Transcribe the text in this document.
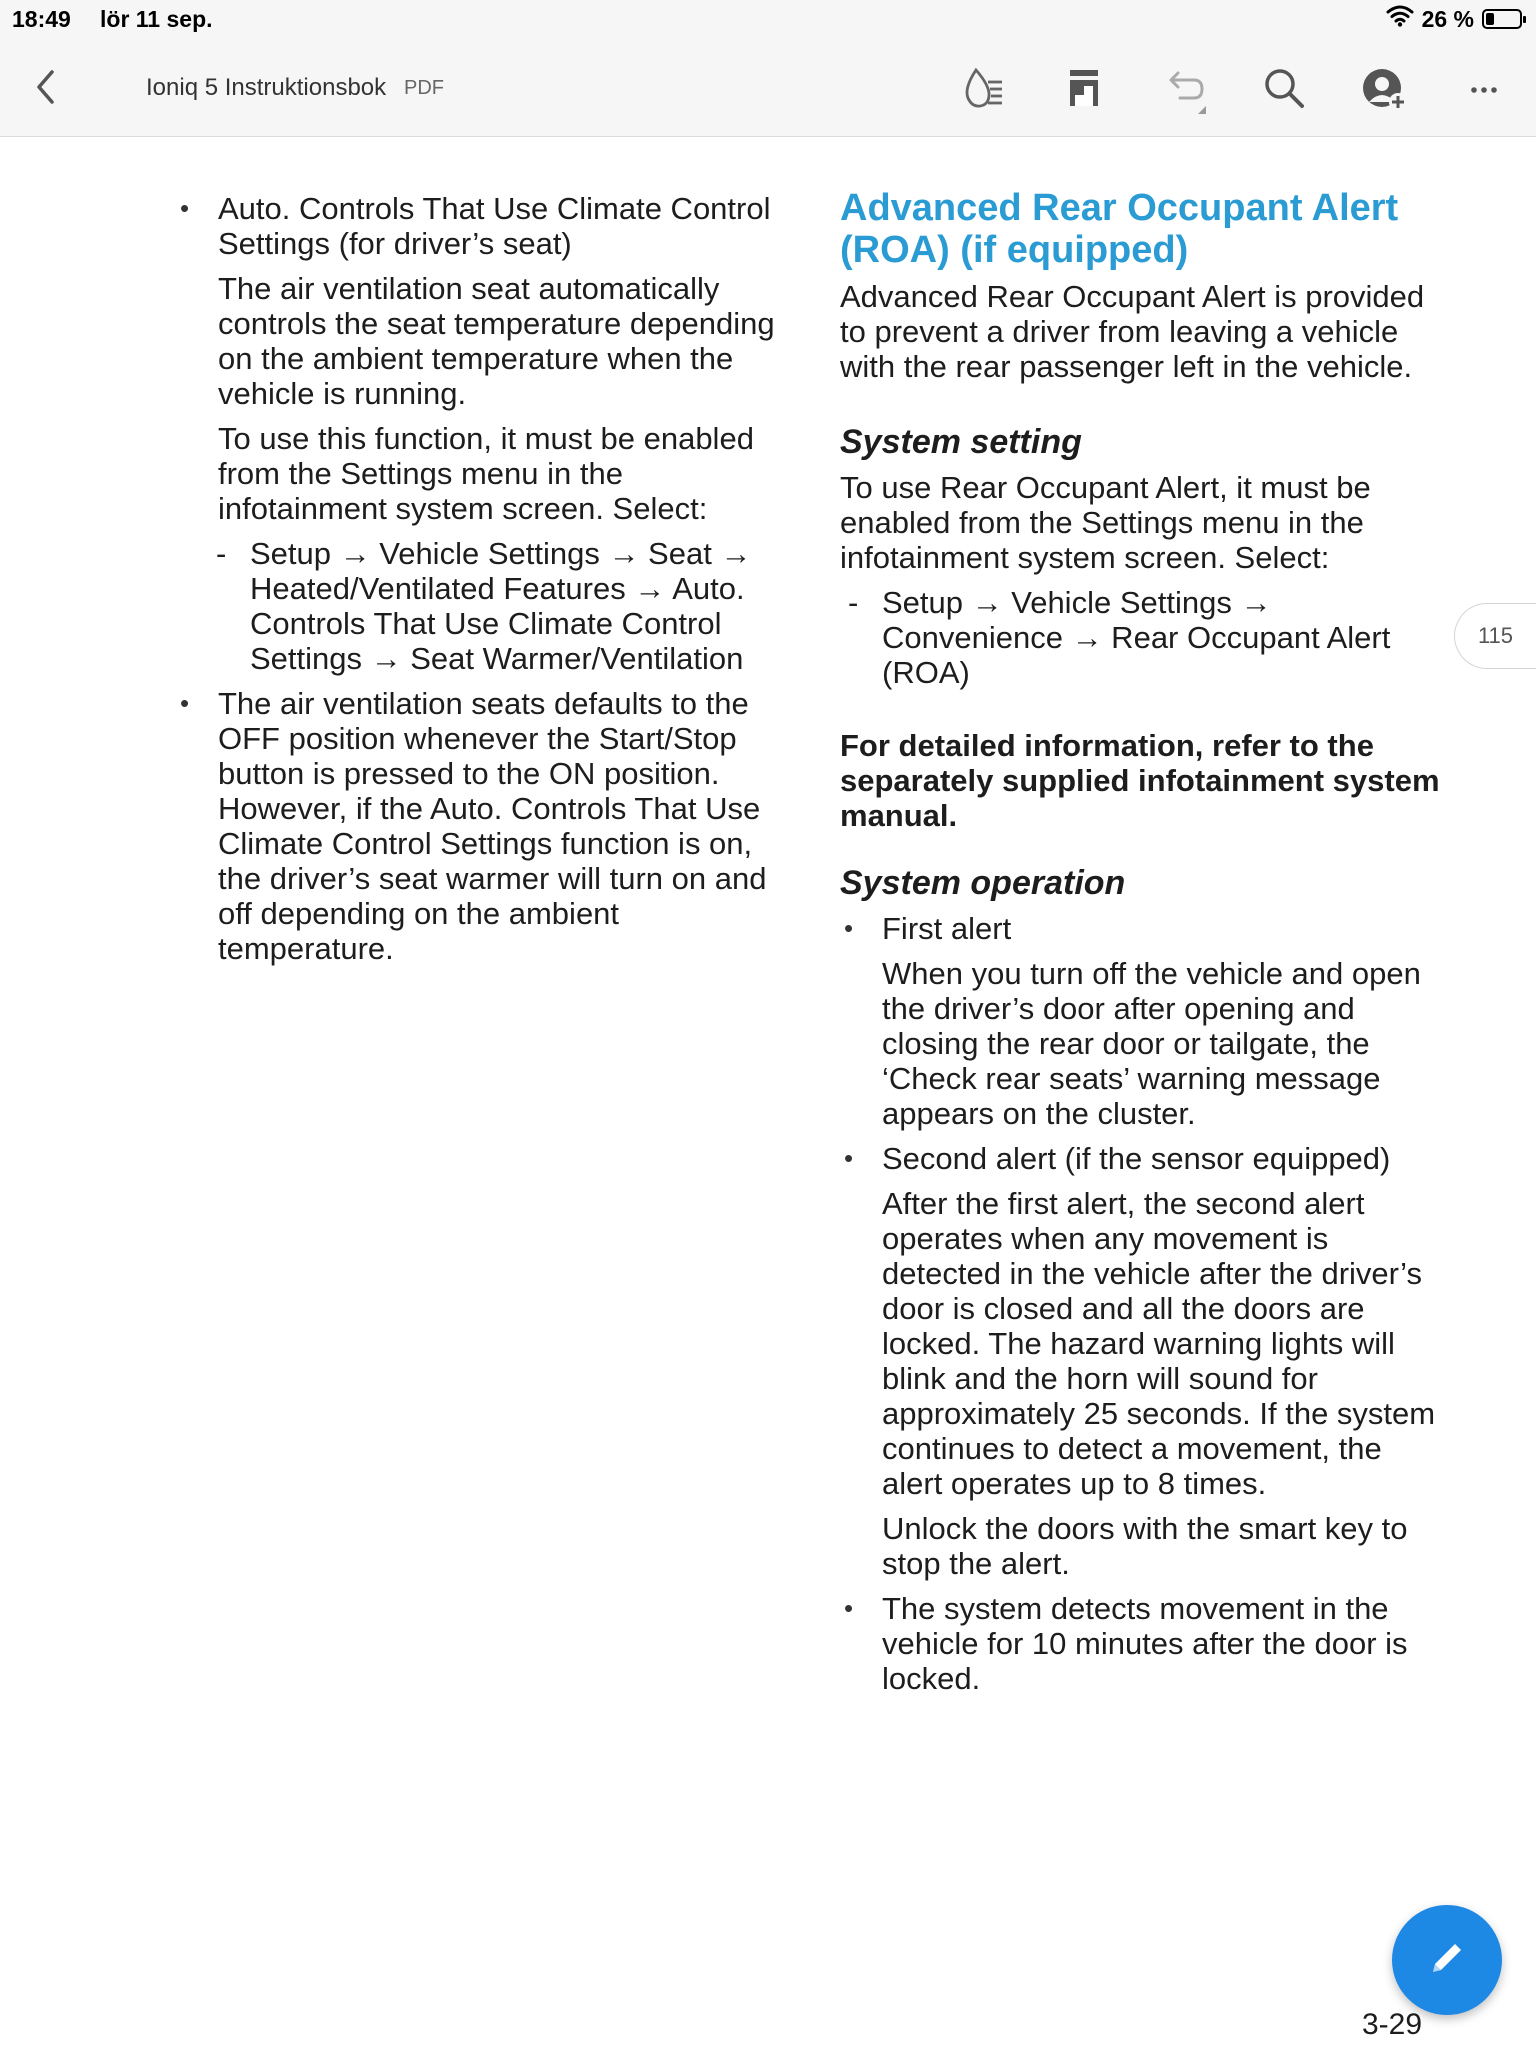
18:49 lör 11 sep.	26 %
Ioniq 5 Instruktionsbok PDF
• Auto. Controls That Use Climate Control Settings (for driver’s seat)
The air ventilation seat automatically controls the seat temperature depending on the ambient temperature when the vehicle is running.
To use this function, it must be enabled from the Settings menu in the infotainment system screen. Select:
- Setup → Vehicle Settings → Seat → Heated/Ventilated Features → Auto. Controls That Use Climate Control Settings → Seat Warmer/Ventilation
• The air ventilation seats defaults to the OFF position whenever the Start/Stop button is pressed to the ON position. However, if the Auto. Controls That Use Climate Control Settings function is on, the driver’s seat warmer will turn on and off depending on the ambient temperature.
Advanced Rear Occupant Alert (ROA) (if equipped)
Advanced Rear Occupant Alert is provided to prevent a driver from leaving a vehicle with the rear passenger left in the vehicle.
System setting
To use Rear Occupant Alert, it must be enabled from the Settings menu in the infotainment system screen. Select:
- Setup → Vehicle Settings → Convenience → Rear Occupant Alert (ROA)
For detailed information, refer to the separately supplied infotainment system manual.
System operation
• First alert
When you turn off the vehicle and open the driver’s door after opening and closing the rear door or tailgate, the ‘Check rear seats’ warning message appears on the cluster.
• Second alert (if the sensor equipped)
After the first alert, the second alert operates when any movement is detected in the vehicle after the driver’s door is closed and all the doors are locked. The hazard warning lights will blink and the horn will sound for approximately 25 seconds. If the system continues to detect a movement, the alert operates up to 8 times.
Unlock the doors with the smart key to stop the alert.
• The system detects movement in the vehicle for 10 minutes after the door is locked.
115
3-29
